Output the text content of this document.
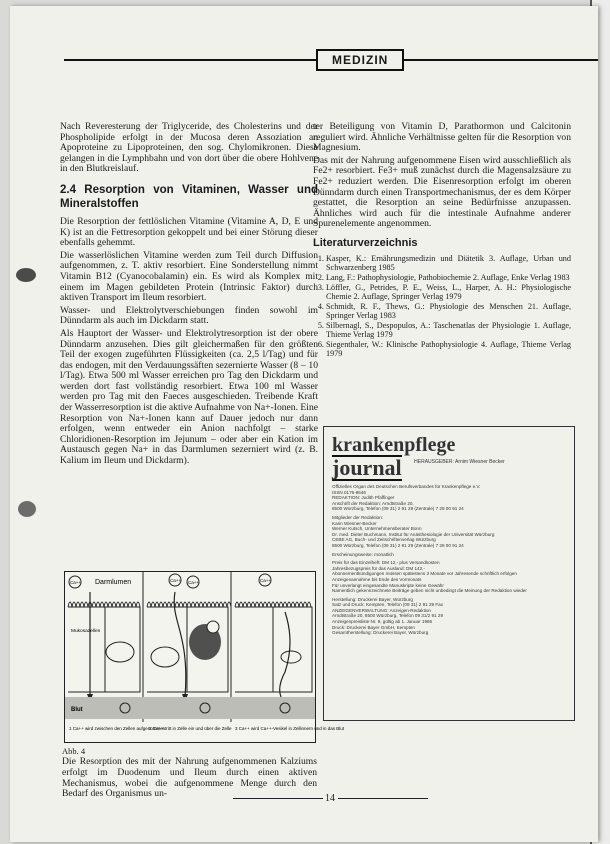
MEDIZIN

Nach Reveresterung der Triglyceride, des Cholesterins und der Phospholipide erfolgt in der Mucosa deren Assoziation an Apoproteine zu Lipoproteinen, den sog. Chylomikronen. Diese gelangen in die Lymphbahn und von dort über die obere Hohlvene in den Blutkreislauf.

2.4 Resorption von Vitaminen, Wasser und Mineralstoffen

Die Resorption der fettlöslichen Vitamine (Vitamine A, D, E und K) ist an die Fettresorption gekoppelt und bei einer Störung dieser ebenfalls gehemmt.

Die wasserlöslichen Vitamine werden zum Teil durch Diffusion aufgenommen, z. T. aktiv resorbiert. Eine Sonderstellung nimmt Vitamin B12 (Cyanocobalamin) ein. Es wird als Komplex mit einem im Magen gebildeten Protein (Intrinsic Faktor) durch aktiven Transport im Ileum resorbiert.

Wasser- und Elektrolytverschiebungen finden sowohl im Dünndarm als auch im Dickdarm statt.

Als Hauptort der Wasser- und Elektrolytresorption ist der obere Dünndarm anzusehen. Dies gilt gleichermaßen für den größten Teil der exogen zugeführten Flüssigkeiten (ca. 2,5 l/Tag) und für das endogen, mit den Verdauungssäften sezernierte Wasser (8 – 10 l/Tag). Etwa 500 ml Wasser erreichen pro Tag den Dickdarm und werden dort fast vollständig resorbiert. Etwa 100 ml Wasser werden pro Tag mit den Faeces ausgeschieden. Treibende Kraft der Wasserresorption ist die aktive Aufnahme von Na+-Ionen. Eine Resorption von Na+-Ionen kann auf Dauer jedoch nur dann erfolgen, wenn entweder ein Anion nachfolgt – starke Chloridionen-Resorption im Jejunum – oder aber ein Kation im Austausch gegen Na+ in das Darmlumen sezerniert wird (z. B. Kalium im Ileum und Dickdarm).

Darmlumen
Ca++	Ca++ Ca++	Ca++
Mukosazellen
Blut
1 Ca++ wird zwischen den Zellen aufgenommen
2 Ca++ tritt in Zelle ein und über die Zelle 3 Ca++ wird Ca++-Vesikel in Zellinnern und in das Blut
Abb. 4
Die Resorption des mit der Nahrung aufgenommenen Kalziums erfolgt im Duodenum und Ileum durch einen aktiven Mechanismus, wobei die aufgenommene Menge durch den Bedarf des Organismus un-

ter Beteiligung von Vitamin D, Parathormon und Calcitonin reguliert wird. Ähnliche Verhältnisse gelten für die Resorption von Magnesium.

Das mit der Nahrung aufgenommene Eisen wird ausschließlich als Fe2+ resorbiert. Fe3+ muß zunächst durch die Magensalzsäure zu Fe2+ reduziert werden. Die Eisenresorption erfolgt im oberen Dünndarm durch einen Transportmechanismus, der es dem Körper gestattet, die Resorption an seine Bedürfnisse anzupassen. Ähnliches wird auch für die intestinale Aufnahme anderer Spurenelemente angenommen.

Literaturverzeichnis
1. Kasper, K.: Ernährungsmedizin und Diätetik 3. Auflage, Urban und Schwarzenberg 1985
2. Lang, F.: Pathophysiologie, Pathobiochemie 2. Auflage, Enke Verlag 1983
3. Löffler, G., Petrides, P. E., Weiss, L., Harper, A. H.: Physiologische Chemie 2. Auflage, Springer Verlag 1979
4. Schmidt, R. F., Thews, G.: Physiologie des Menschen 21. Auflage, Springer Verlag 1983
5. Silbernagl, S., Despopulos, A.: Taschenatlas der Physiologie 1. Auflage, Thieme Verlag 1979
6. Siegenthaler, W.: Klinische Pathophysiologie 4. Auflage, Thieme Verlag 1979
krankenpflege
journal HERAUSGEBER: Arnim Wiesner Becker

Offizielles Organ des Deutschen Berufsverbandes für Krankenpflege e.V.

ISSN 0176-8646

REDAKTION: Judith Pfaffinger

Anschrift der Redaktion: Arndtstraße 20,

8500 Würzburg, Telefon (09 31) 2 91 29 (Zentrale) 7 28 00 91 24

Mitglieder der Redaktion:

Karin Wiesner-Becker

Werner Kutsch, Unternehmensberater Bonn

Dr. med. Dieter Buchmann, Institut für Anästhesiologie der Universität Würzburg

CEBE AG, Buch- und Zeitschriftenverlag Würzburg

8500 Würzburg, Telefon (09 31) 2 91 29 (Zentrale) 7 28 00 91 24

Erscheinungsweise: monatlich

Preis für das Einzelheft: DM 12,- plus Versandkosten

Jahresbezugspreis für das Ausland: DM 142,-

Abonnementkündigungen müssen spätestens 3 Monate vor Jahresende schriftlich erfolgen

Anzeigenannahme bis Ende des Vormonats

Für unverlangt eingesandte Manuskripte keine Gewähr

Namentlich gekennzeichnete Beiträge geben nicht unbedingt die Meinung der Redaktion wieder

Herstellung: Druckerei Bayer, Würzburg

Satz und Druck: Kempten, Telefon (09 31) 2 91 29 Fax

ANZEIGENVERWALTUNG: Anzeigen-Redaktion

Arndtstraße 20, 8500 Würzburg, Telefon 09 31/2 91 29

Anzeigenpreisliste Nr. 9, gültig ab 1. Januar 1986

Druck: Druckerei Bayer GmbH, Kempten

Gesamtherstellung: Druckerei Bayer, Würzburg

14
